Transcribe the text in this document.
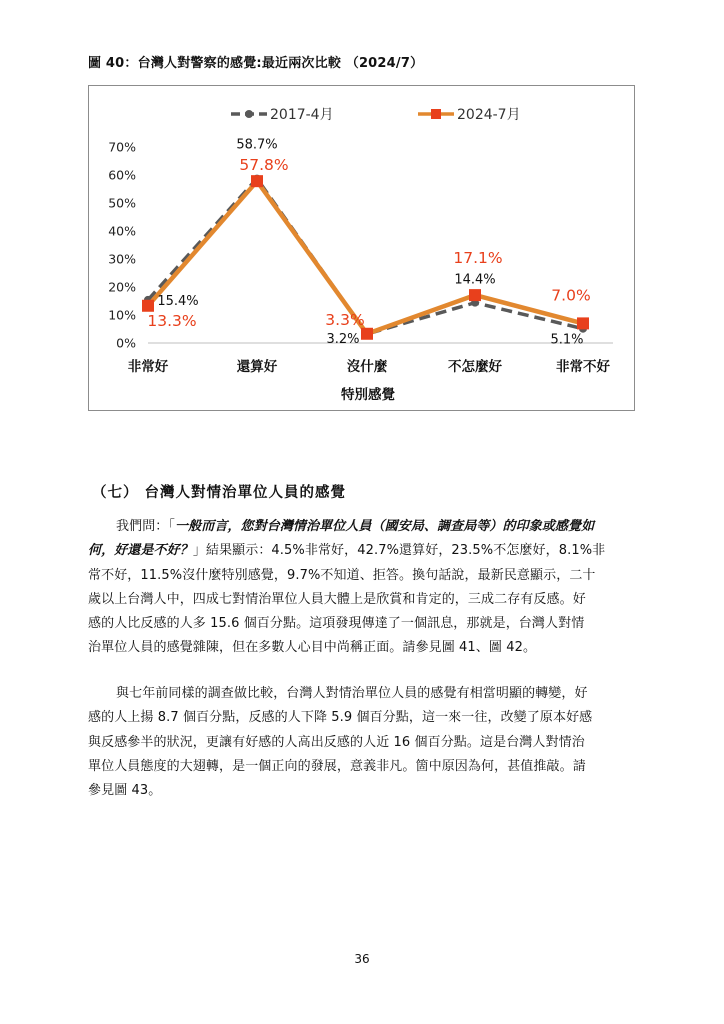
圖 40：台灣人對警察的感覺:最近兩次比較 （2024/7）
2017-4月	2024-7月
0%
10%
20%
30%
40%
50%
60%
70%
非常好	還算好	沒什麼	不怎麼好	非常不好
15.4%
58.7%
3.2%
14.4%
5.1%
13.3%
57.8%
3.3%
17.1%
7.0%
特別感覺
（七） 台灣人對情治單位人員的感覺
我們問：「一般而言，您對台灣情治單位人員（國安局、調查局等）的印象或感覺如
何，好還是不好？」結果顯示：4.5%非常好，42.7%還算好，23.5%不怎麼好，8.1%非
常不好，11.5%沒什麼特別感覺，9.7%不知道、拒答。換句話說，最新民意顯示，二十
歲以上台灣人中，四成七對情治單位人員大體上是欣賞和肯定的，三成二存有反感。好
感的人比反感的人多 15.6 個百分點。這項發現傳達了一個訊息，那就是，台灣人對情
治單位人員的感覺雜陳，但在多數人心目中尚稱正面。請參見圖 41、圖 42。
與七年前同樣的調查做比較，台灣人對情治單位人員的感覺有相當明顯的轉變，好
感的人上揚 8.7 個百分點，反感的人下降 5.9 個百分點，這一來一往，改變了原本好感
與反感參半的狀況，更讓有好感的人高出反感的人近 16 個百分點。這是台灣人對情治
單位人員態度的大翅轉，是一個正向的發展，意義非凡。箇中原因為何，甚值推敲。請
參見圖 43。
36
